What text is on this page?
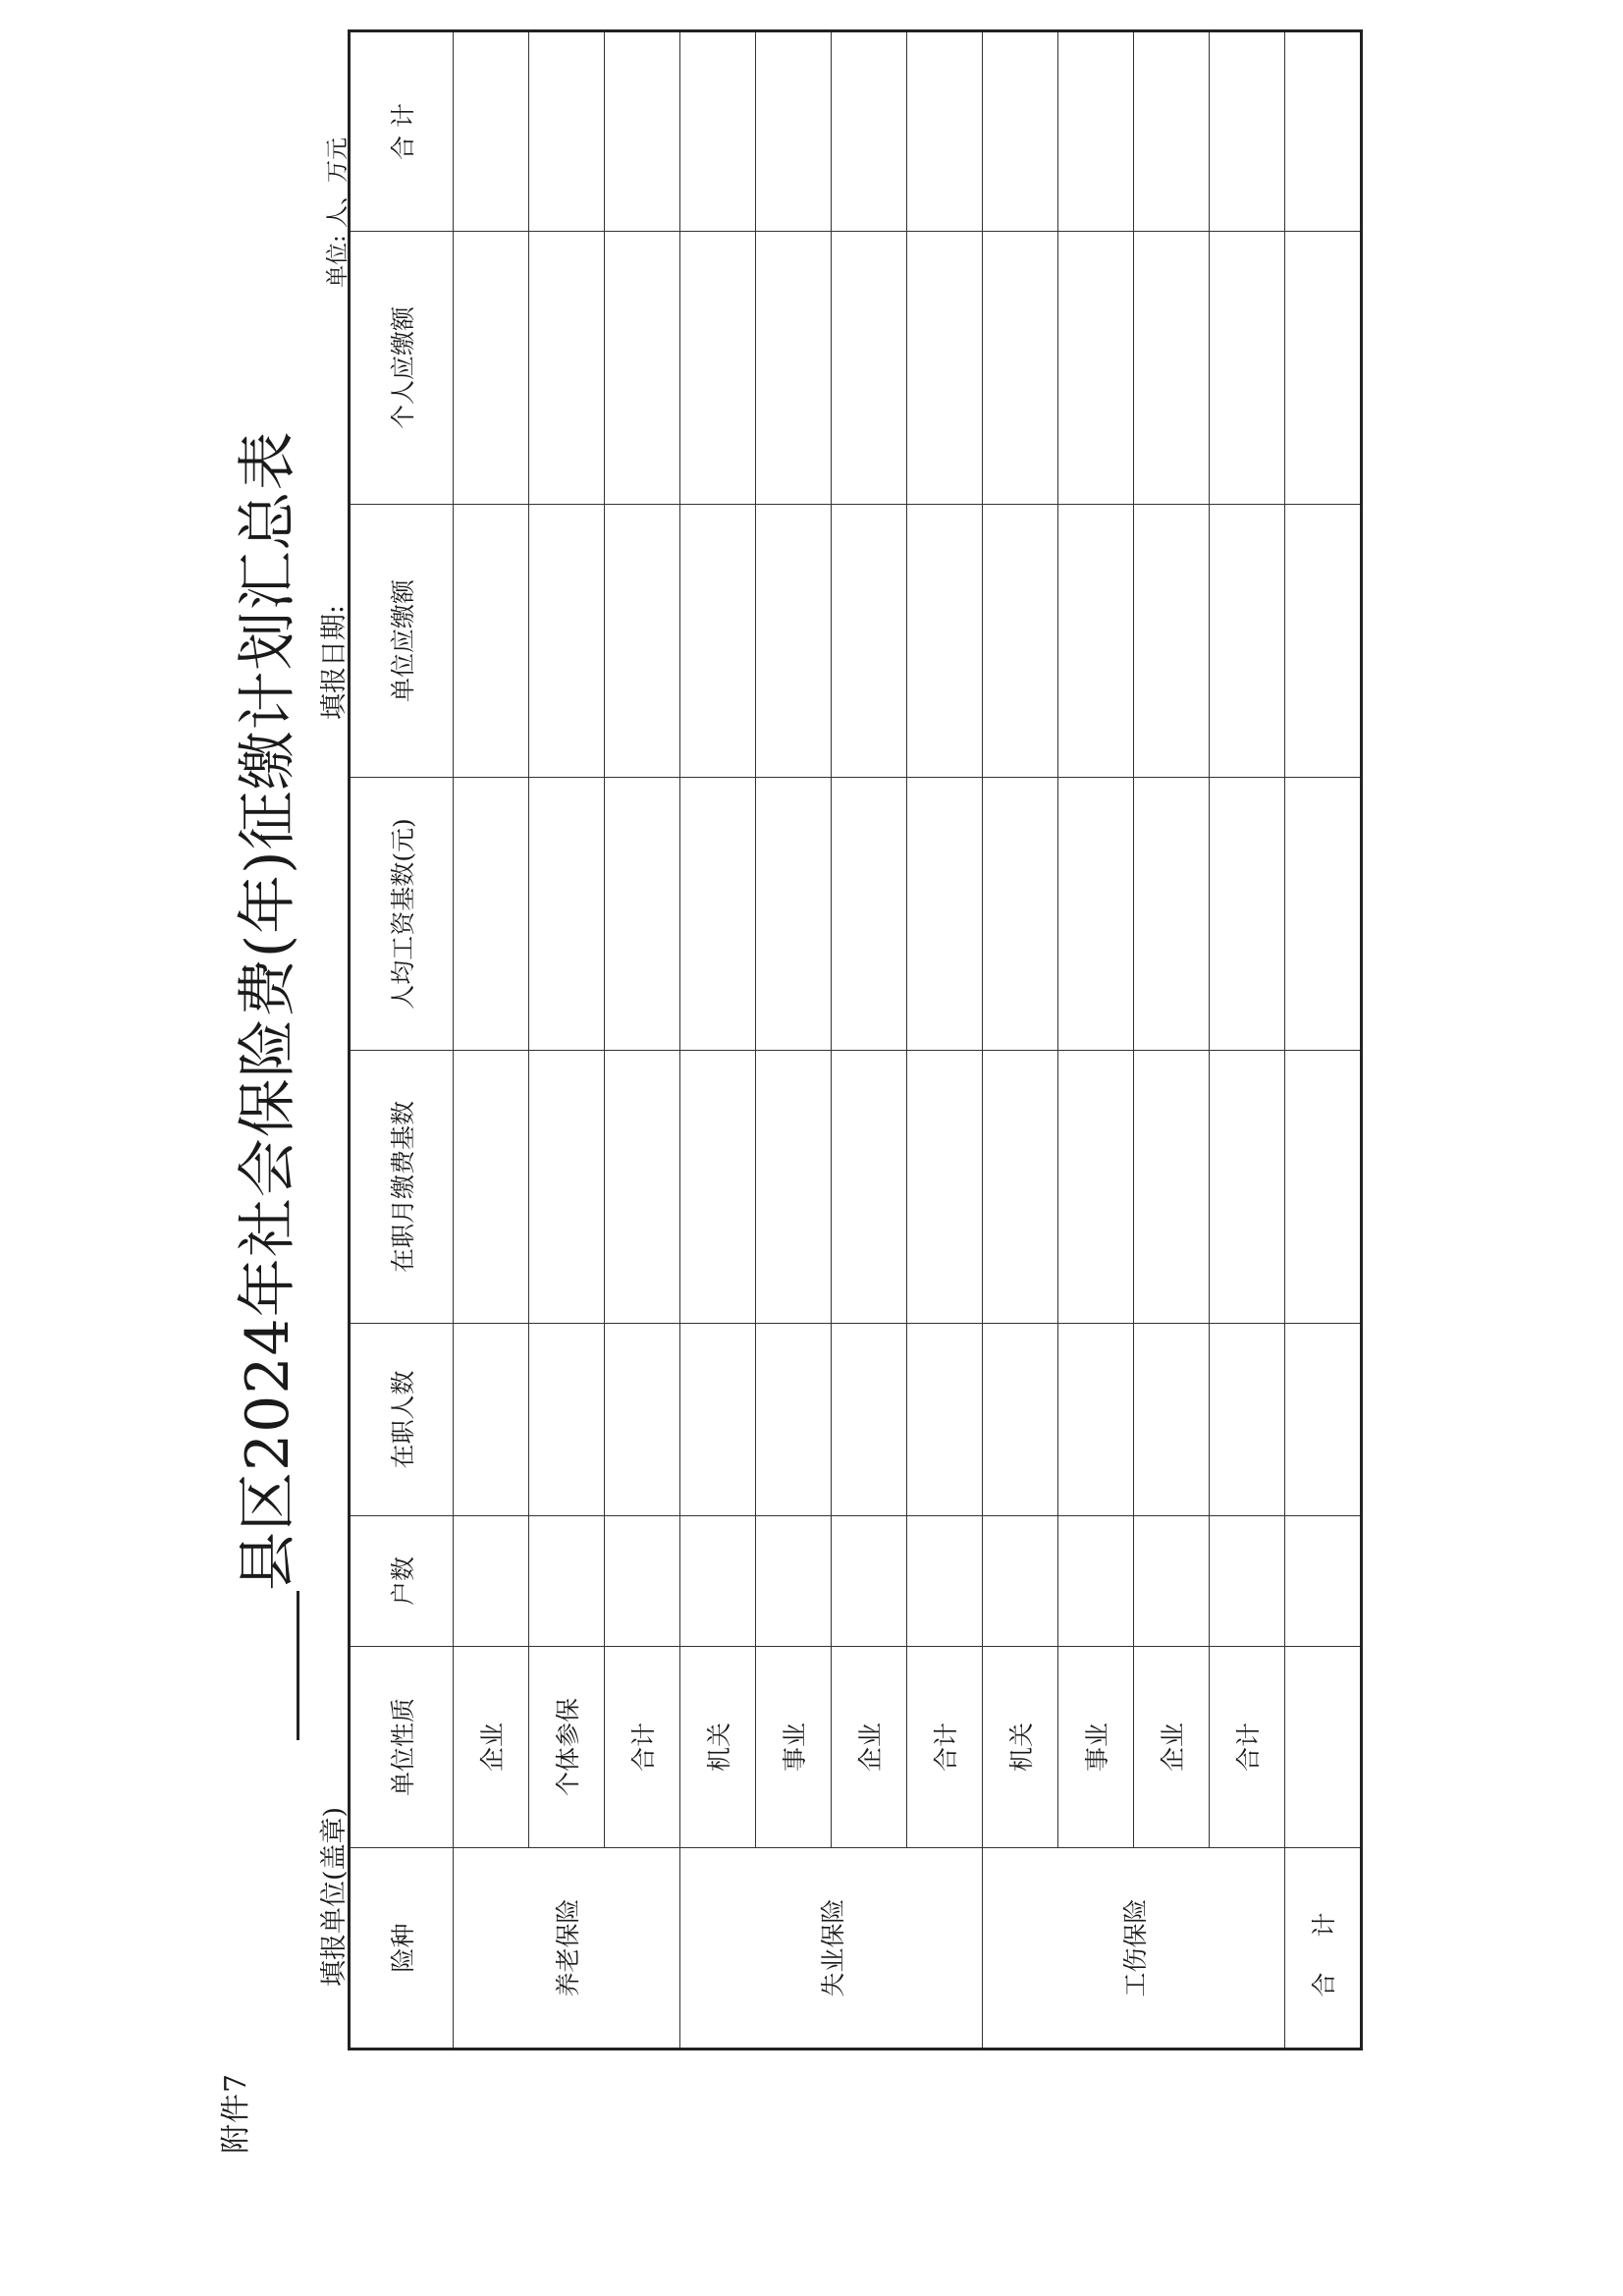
附件7
县区2024年社会保险费(年)征缴计划汇总表
填报单位(盖章)
填报日期:
单位: 人、万元
险种	单位性质	户数	在职人数	在职月缴费基数	人均工资基数(元)	单位应缴额	个人应缴额	合 计
养老保险	企业							
	个体参保							
	合计							
失业保险	机关							
	事业							
	企业							
	合计							
工伤保险	机关							
	事业							
	企业							
	合计							
合 计								
